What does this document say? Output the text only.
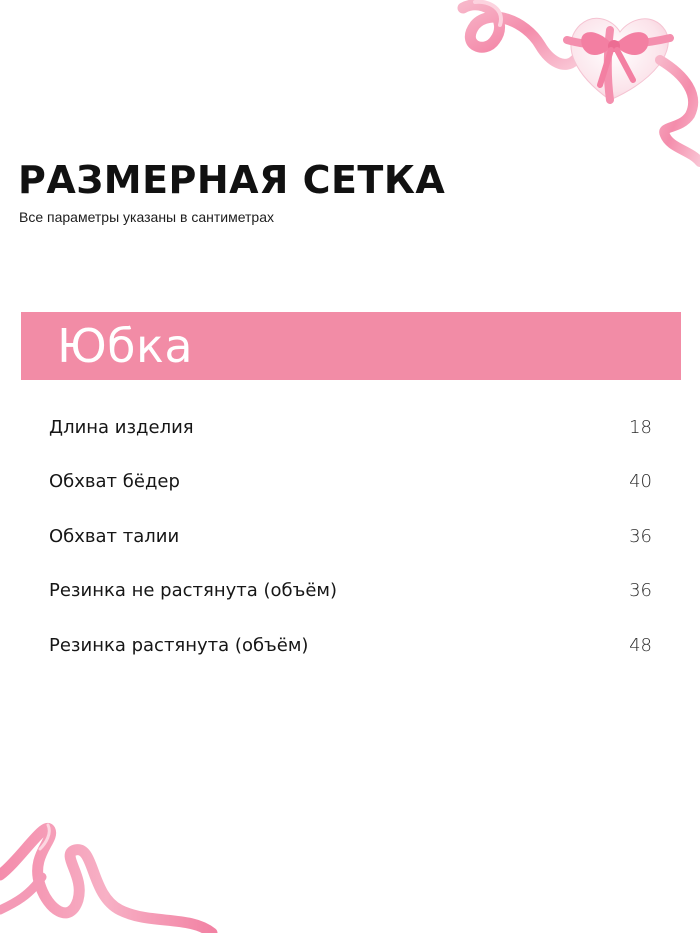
РАЗМЕРНАЯ СЕТКА

Все параметры указаны в сантиметрах

Юбка
Длина изделия	18
Обхват бёдер	40
Обхват талии	36
Резинка не растянута (объём)	36
Резинка растянута (объём)	48
